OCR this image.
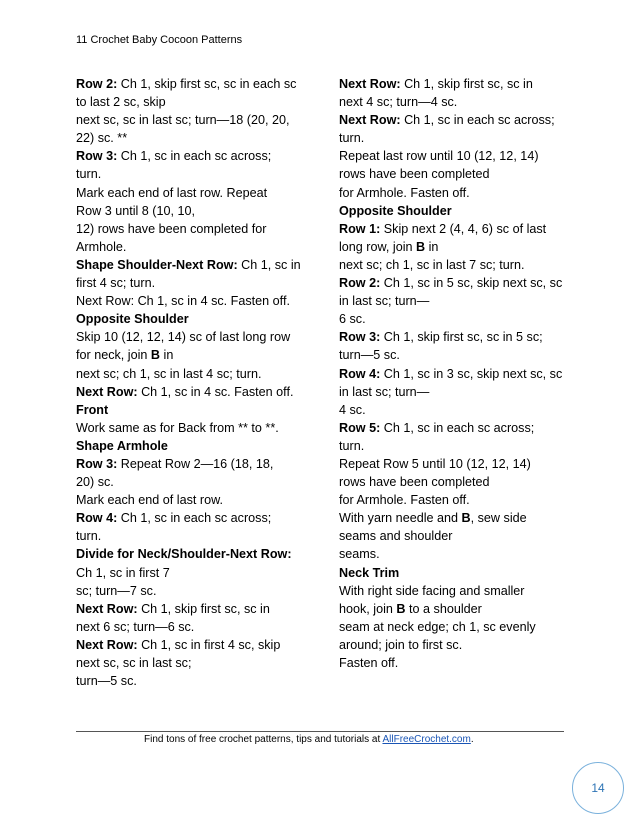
11 Crochet Baby Cocoon Patterns
Row 2: Ch 1, skip first sc, sc in each sc
to last 2 sc, skip
next sc, sc in last sc; turn—18 (20, 20,
22) sc. **
Row 3: Ch 1, sc in each sc across;
turn.
Mark each end of last row. Repeat
Row 3 until 8 (10, 10,
12) rows have been completed for
Armhole.
Shape Shoulder-Next Row: Ch 1, sc in
first 4 sc; turn.
Next Row: Ch 1, sc in 4 sc. Fasten off.
Opposite Shoulder
Skip 10 (12, 12, 14) sc of last long row
for neck, join B in
next sc; ch 1, sc in last 4 sc; turn.
Next Row: Ch 1, sc in 4 sc. Fasten off.
Front
Work same as for Back from ** to **.
Shape Armhole
Row 3: Repeat Row 2—16 (18, 18,
20) sc.
Mark each end of last row.
Row 4: Ch 1, sc in each sc across;
turn.
Divide for Neck/Shoulder-Next Row:
Ch 1, sc in first 7
sc; turn—7 sc.
Next Row: Ch 1, skip first sc, sc in
next 6 sc; turn—6 sc.
Next Row: Ch 1, sc in first 4 sc, skip
next sc, sc in last sc;
turn—5 sc.
Next Row: Ch 1, skip first sc, sc in
next 4 sc; turn—4 sc.
Next Row: Ch 1, sc in each sc across;
turn.
Repeat last row until 10 (12, 12, 14)
rows have been completed
for Armhole. Fasten off.
Opposite Shoulder
Row 1: Skip next 2 (4, 4, 6) sc of last
long row, join B in
next sc; ch 1, sc in last 7 sc; turn.
Row 2: Ch 1, sc in 5 sc, skip next sc, sc
in last sc; turn—
6 sc.
Row 3: Ch 1, skip first sc, sc in 5 sc;
turn—5 sc.
Row 4: Ch 1, sc in 3 sc, skip next sc, sc
in last sc; turn—
4 sc.
Row 5: Ch 1, sc in each sc across;
turn.
Repeat Row 5 until 10 (12, 12, 14)
rows have been completed
for Armhole. Fasten off.
With yarn needle and B, sew side
seams and shoulder
seams.
Neck Trim
With right side facing and smaller
hook, join B to a shoulder
seam at neck edge; ch 1, sc evenly
around; join to first sc.
Fasten off.
Find tons of free crochet patterns, tips and tutorials at AllFreeCrochet.com.
14
